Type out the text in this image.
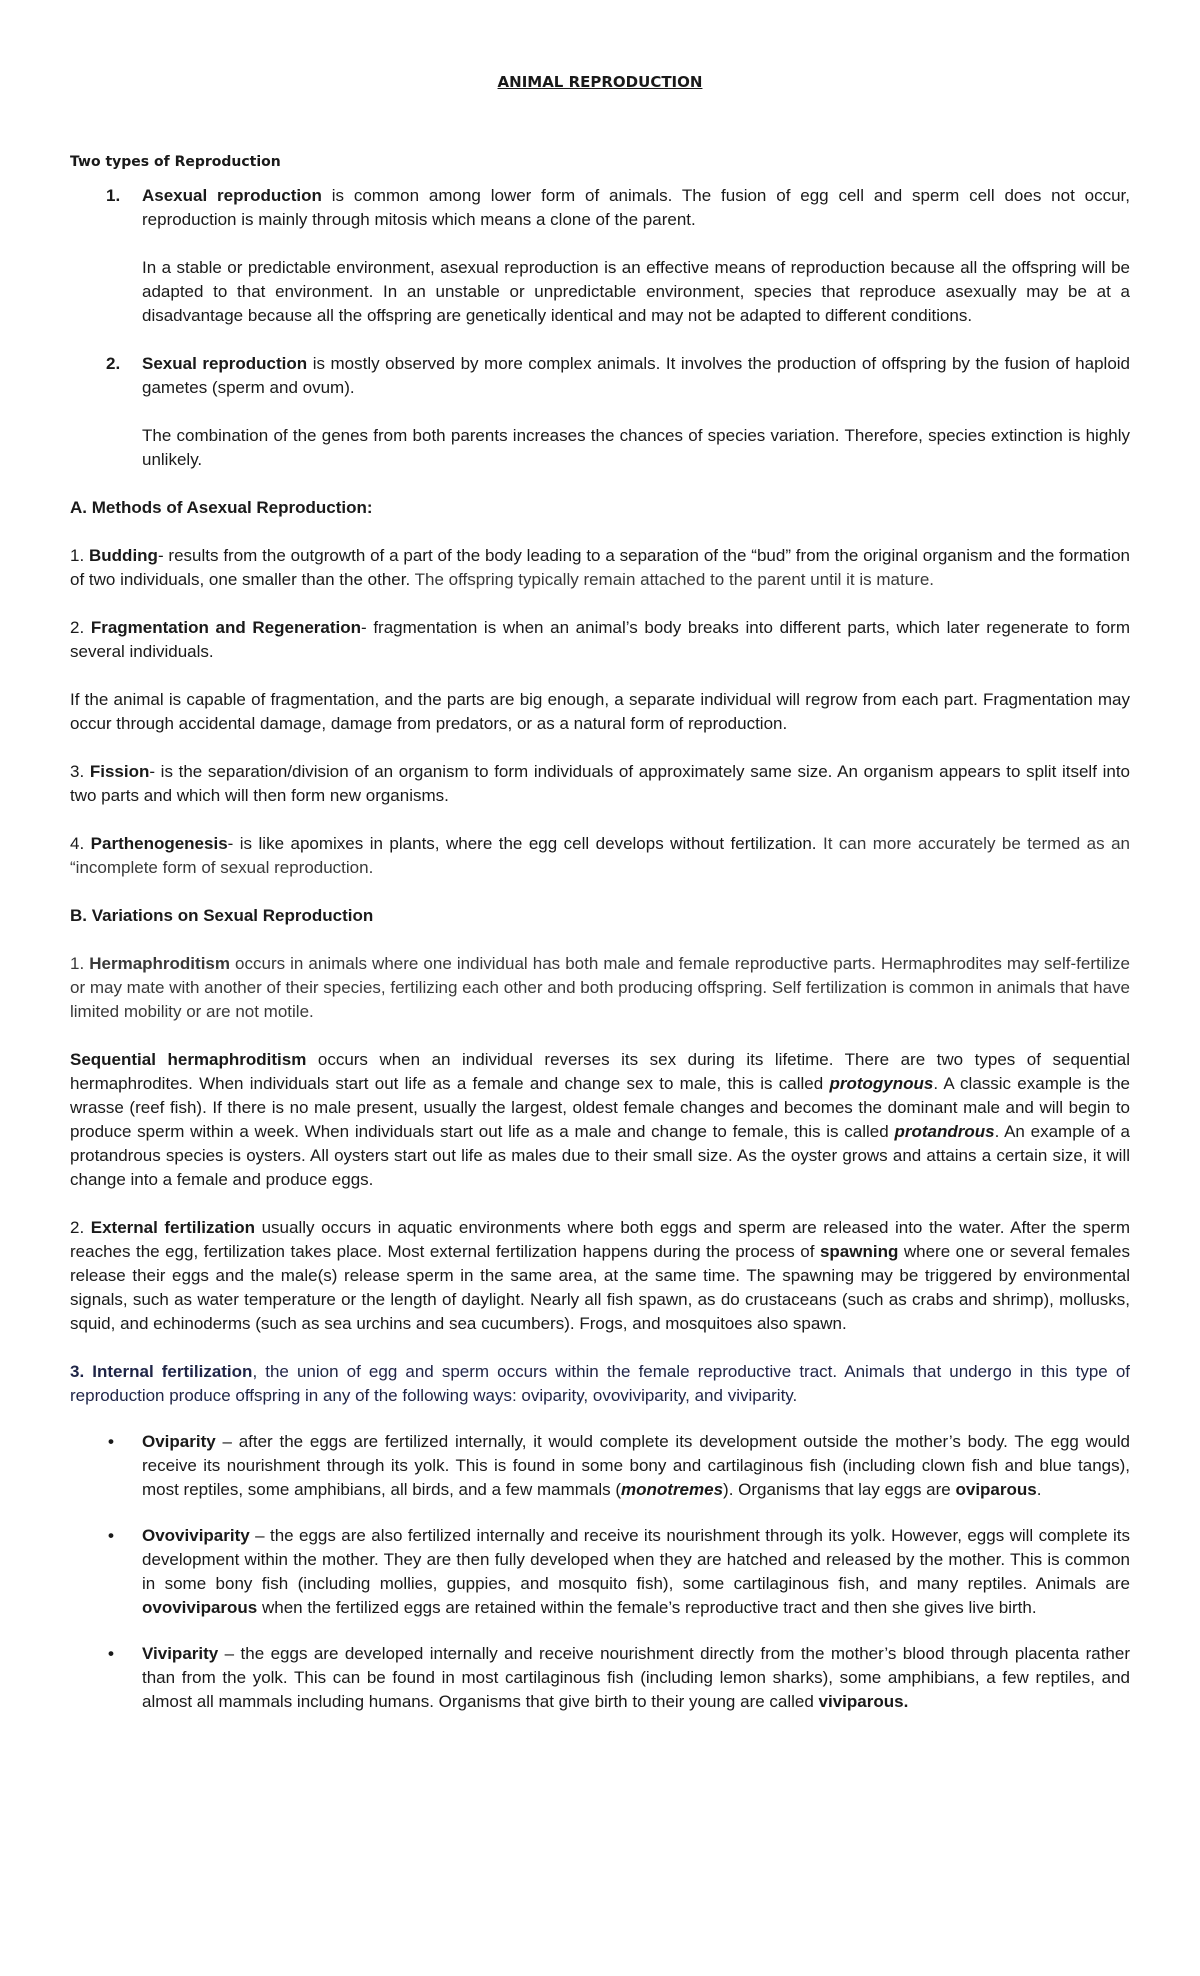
ANIMAL REPRODUCTION
Two types of Reproduction
1. Asexual reproduction is common among lower form of animals. The fusion of egg cell and sperm cell does not occur, reproduction is mainly through mitosis which means a clone of the parent.

In a stable or predictable environment, asexual reproduction is an effective means of reproduction because all the offspring will be adapted to that environment. In an unstable or unpredictable environment, species that reproduce asexually may be at a disadvantage because all the offspring are genetically identical and may not be adapted to different conditions.

2. Sexual reproduction is mostly observed by more complex animals. It involves the production of offspring by the fusion of haploid gametes (sperm and ovum).

The combination of the genes from both parents increases the chances of species variation. Therefore, species extinction is highly unlikely.

A. Methods of Asexual Reproduction:

1. Budding- results from the outgrowth of a part of the body leading to a separation of the “bud” from the original organism and the formation of two individuals, one smaller than the other. The offspring typically remain attached to the parent until it is mature.

2. Fragmentation and Regeneration- fragmentation is when an animal’s body breaks into different parts, which later regenerate to form several individuals.

If the animal is capable of fragmentation, and the parts are big enough, a separate individual will regrow from each part. Fragmentation may occur through accidental damage, damage from predators, or as a natural form of reproduction.

3. Fission- is the separation/division of an organism to form individuals of approximately same size. An organism appears to split itself into two parts and which will then form new organisms.

4. Parthenogenesis- is like apomixes in plants, where the egg cell develops without fertilization. It can more accurately be termed as an “incomplete form of sexual reproduction.

B. Variations on Sexual Reproduction

1. Hermaphroditism occurs in animals where one individual has both male and female reproductive parts. Hermaphrodites may self-fertilize or may mate with another of their species, fertilizing each other and both producing offspring. Self fertilization is common in animals that have limited mobility or are not motile.

Sequential hermaphroditism occurs when an individual reverses its sex during its lifetime. There are two types of sequential hermaphrodites. When individuals start out life as a female and change sex to male, this is called protogynous. A classic example is the wrasse (reef fish). If there is no male present, usually the largest, oldest female changes and becomes the dominant male and will begin to produce sperm within a week. When individuals start out life as a male and change to female, this is called protandrous. An example of a protandrous species is oysters. All oysters start out life as males due to their small size. As the oyster grows and attains a certain size, it will change into a female and produce eggs.

2. External fertilization usually occurs in aquatic environments where both eggs and sperm are released into the water. After the sperm reaches the egg, fertilization takes place. Most external fertilization happens during the process of spawning where one or several females release their eggs and the male(s) release sperm in the same area, at the same time. The spawning may be triggered by environmental signals, such as water temperature or the length of daylight. Nearly all fish spawn, as do crustaceans (such as crabs and shrimp), mollusks, squid, and echinoderms (such as sea urchins and sea cucumbers). Frogs, and mosquitoes also spawn.

3. Internal fertilization, the union of egg and sperm occurs within the female reproductive tract. Animals that undergo in this type of reproduction produce offspring in any of the following ways: oviparity, ovoviviparity, and viviparity.

• Oviparity – after the eggs are fertilized internally, it would complete its development outside the mother’s body. The egg would receive its nourishment through its yolk. This is found in some bony and cartilaginous fish (including clown fish and blue tangs), most reptiles, some amphibians, all birds, and a few mammals (monotremes). Organisms that lay eggs are oviparous.

• Ovoviviparity – the eggs are also fertilized internally and receive its nourishment through its yolk. However, eggs will complete its development within the mother. They are then fully developed when they are hatched and released by the mother. This is common in some bony fish (including mollies, guppies, and mosquito fish), some cartilaginous fish, and many reptiles. Animals are ovoviviparous when the fertilized eggs are retained within the female’s reproductive tract and then she gives live birth.

• Viviparity – the eggs are developed internally and receive nourishment directly from the mother’s blood through placenta rather than from the yolk. This can be found in most cartilaginous fish (including lemon sharks), some amphibians, a few reptiles, and almost all mammals including humans. Organisms that give birth to their young are called viviparous.
